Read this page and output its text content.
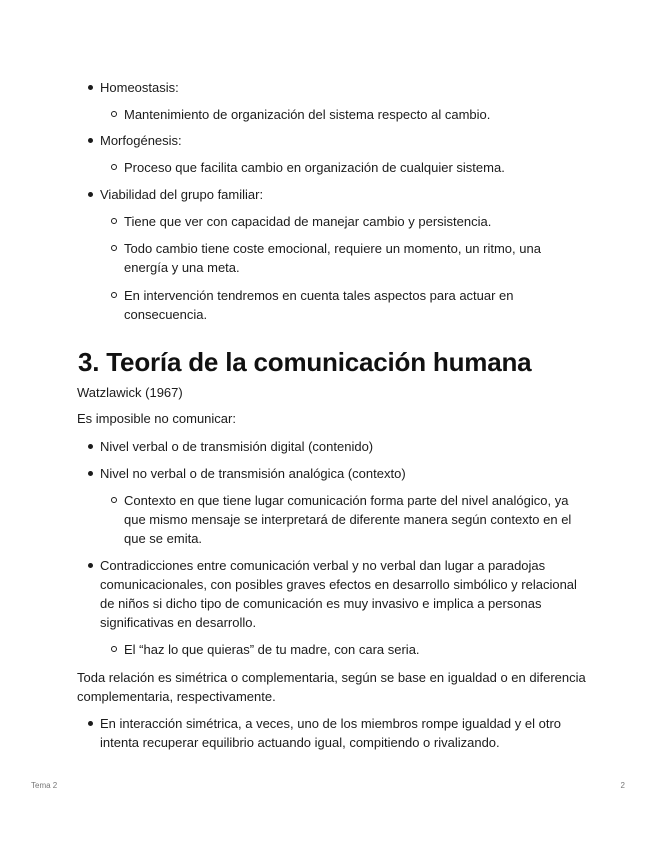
Homeostasis:
Mantenimiento de organización del sistema respecto al cambio.
Morfogénesis:
Proceso que facilita cambio en organización de cualquier sistema.
Viabilidad del grupo familiar:
Tiene que ver con capacidad de manejar cambio y persistencia.
Todo cambio tiene coste emocional, requiere un momento, un ritmo, una energía y una meta.
En intervención tendremos en cuenta tales aspectos para actuar en consecuencia.
3. Teoría de la comunicación humana

Watzlawick (1967)

Es imposible no comunicar:

Nivel verbal o de transmisión digital (contenido)
Nivel no verbal o de transmisión analógica (contexto)
Contexto en que tiene lugar comunicación forma parte del nivel analógico, ya que mismo mensaje se interpretará de diferente manera según contexto en el que se emita.
Contradicciones entre comunicación verbal y no verbal dan lugar a paradojas comunicacionales, con posibles graves efectos en desarrollo simbólico y relacional de niños si dicho tipo de comunicación es muy invasivo e implica a personas significativas en desarrollo.
El “haz lo que quieras” de tu madre, con cara seria.

Toda relación es simétrica o complementaria, según se base en igualdad o en diferencia complementaria, respectivamente.

En interacción simétrica, a veces, uno de los miembros rompe igualdad y el otro intenta recuperar equilibrio actuando igual, compitiendo o rivalizando.
Tema 2	2
